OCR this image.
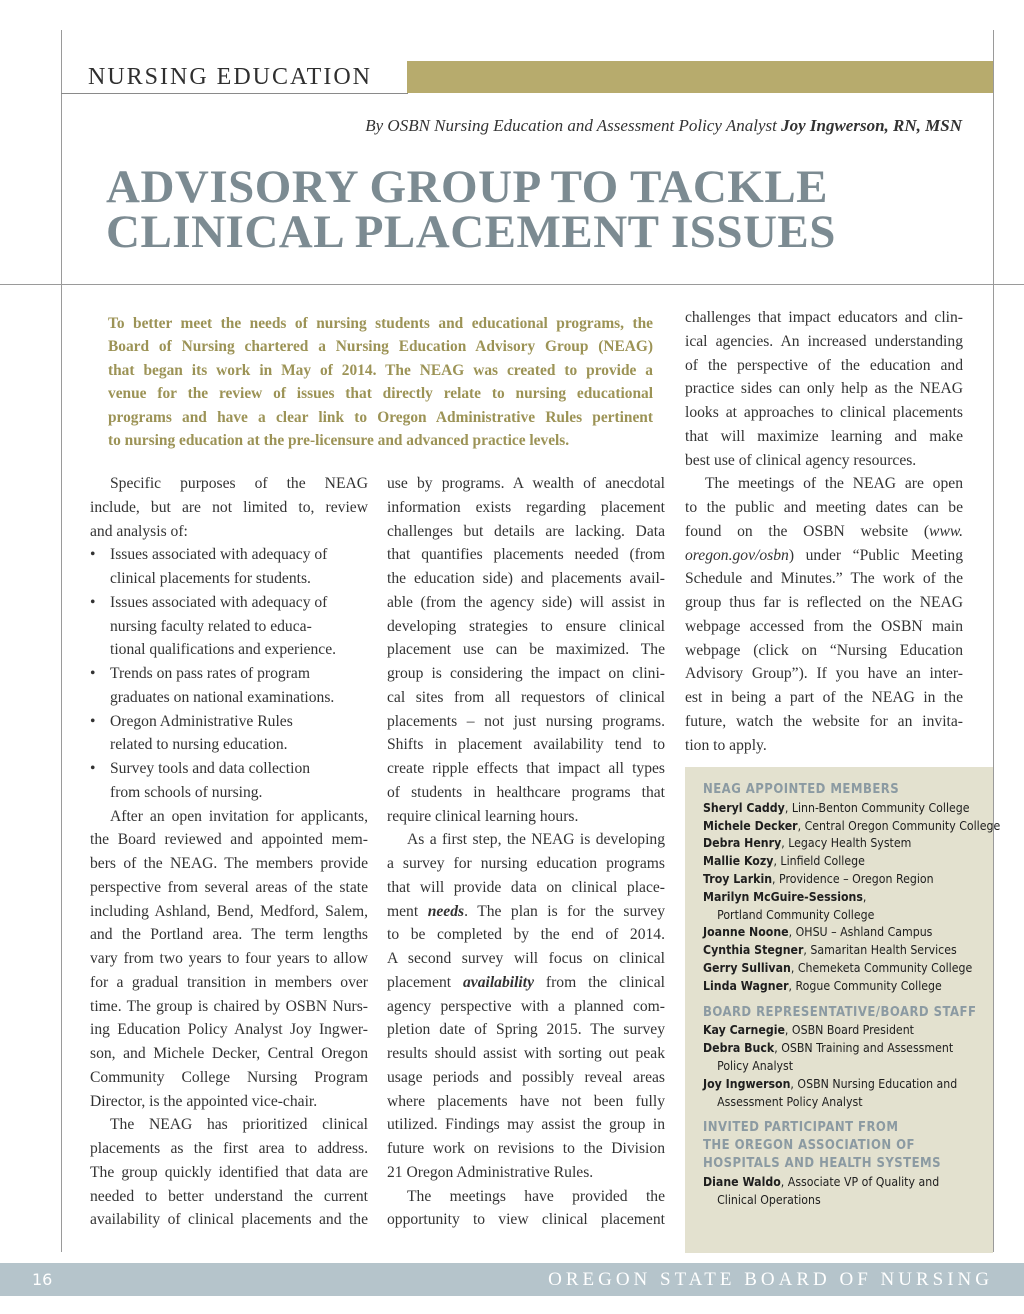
NURSING EDUCATION
By OSBN Nursing Education and Assessment Policy Analyst Joy Ingwerson, RN, MSN
ADVISORY GROUP TO TACKLE
CLINICAL PLACEMENT ISSUES
To better meet the needs of nursing students and educational programs, the
Board of Nursing chartered a Nursing Education Advisory Group (NEAG)
that began its work in May of 2014. The NEAG was created to provide a
venue for the review of issues that directly relate to nursing educational
programs and have a clear link to Oregon Administrative Rules pertinent
to nursing education at the pre-licensure and advanced practice levels.
Specific purposes of the NEAG
include, but are not limited to, review
and analysis of:
• Issues associated with adequacy of
clinical placements for students.
• Issues associated with adequacy of
nursing faculty related to educa-
tional qualifications and experience.
• Trends on pass rates of program
graduates on national examinations.
• Oregon Administrative Rules
related to nursing education.
• Survey tools and data collection
from schools of nursing.
After an open invitation for applicants,
the Board reviewed and appointed mem-
bers of the NEAG. The members provide
perspective from several areas of the state
including Ashland, Bend, Medford, Salem,
and the Portland area. The term lengths
vary from two years to four years to allow
for a gradual transition in members over
time. The group is chaired by OSBN Nurs-
ing Education Policy Analyst Joy Ingwer-
son, and Michele Decker, Central Oregon
Community College Nursing Program
Director, is the appointed vice-chair.
The NEAG has prioritized clinical
placements as the first area to address.
The group quickly identified that data are
needed to better understand the current
availability of clinical placements and the
use by programs. A wealth of anecdotal
information exists regarding placement
challenges but details are lacking. Data
that quantifies placements needed (from
the education side) and placements avail-
able (from the agency side) will assist in
developing strategies to ensure clinical
placement use can be maximized. The
group is considering the impact on clini-
cal sites from all requestors of clinical
placements – not just nursing programs.
Shifts in placement availability tend to
create ripple effects that impact all types
of students in healthcare programs that
require clinical learning hours.
As a first step, the NEAG is developing
a survey for nursing education programs
that will provide data on clinical place-
ment needs. The plan is for the survey
to be completed by the end of 2014.
A second survey will focus on clinical
placement availability from the clinical
agency perspective with a planned com-
pletion date of Spring 2015. The survey
results should assist with sorting out peak
usage periods and possibly reveal areas
where placements have not been fully
utilized. Findings may assist the group in
future work on revisions to the Division
21 Oregon Administrative Rules.
The meetings have provided the
opportunity to view clinical placement
challenges that impact educators and clin-
ical agencies. An increased understanding
of the perspective of the education and
practice sides can only help as the NEAG
looks at approaches to clinical placements
that will maximize learning and make
best use of clinical agency resources.
The meetings of the NEAG are open
to the public and meeting dates can be
found on the OSBN website (www.
oregon.gov/osbn) under “Public Meeting
Schedule and Minutes.” The work of the
group thus far is reflected on the NEAG
webpage accessed from the OSBN main
webpage (click on “Nursing Education
Advisory Group”). If you have an inter-
est in being a part of the NEAG in the
future, watch the website for an invita-
tion to apply.
NEAG APPOINTED MEMBERS
Sheryl Caddy, Linn-Benton Community College
Michele Decker, Central Oregon Community College
Debra Henry, Legacy Health System
Mallie Kozy, Linfield College
Troy Larkin, Providence – Oregon Region
Marilyn McGuire-Sessions,
Portland Community College
Joanne Noone, OHSU – Ashland Campus
Cynthia Stegner, Samaritan Health Services
Gerry Sullivan, Chemeketa Community College
Linda Wagner, Rogue Community College
BOARD REPRESENTATIVE/BOARD STAFF
Kay Carnegie, OSBN Board President
Debra Buck, OSBN Training and Assessment
Policy Analyst
Joy Ingwerson, OSBN Nursing Education and
Assessment Policy Analyst
INVITED PARTICIPANT FROM
THE OREGON ASSOCIATION OF
HOSPITALS AND HEALTH SYSTEMS
Diane Waldo, Associate VP of Quality and
Clinical Operations
16	OREGON STATE BOARD OF NURSING
